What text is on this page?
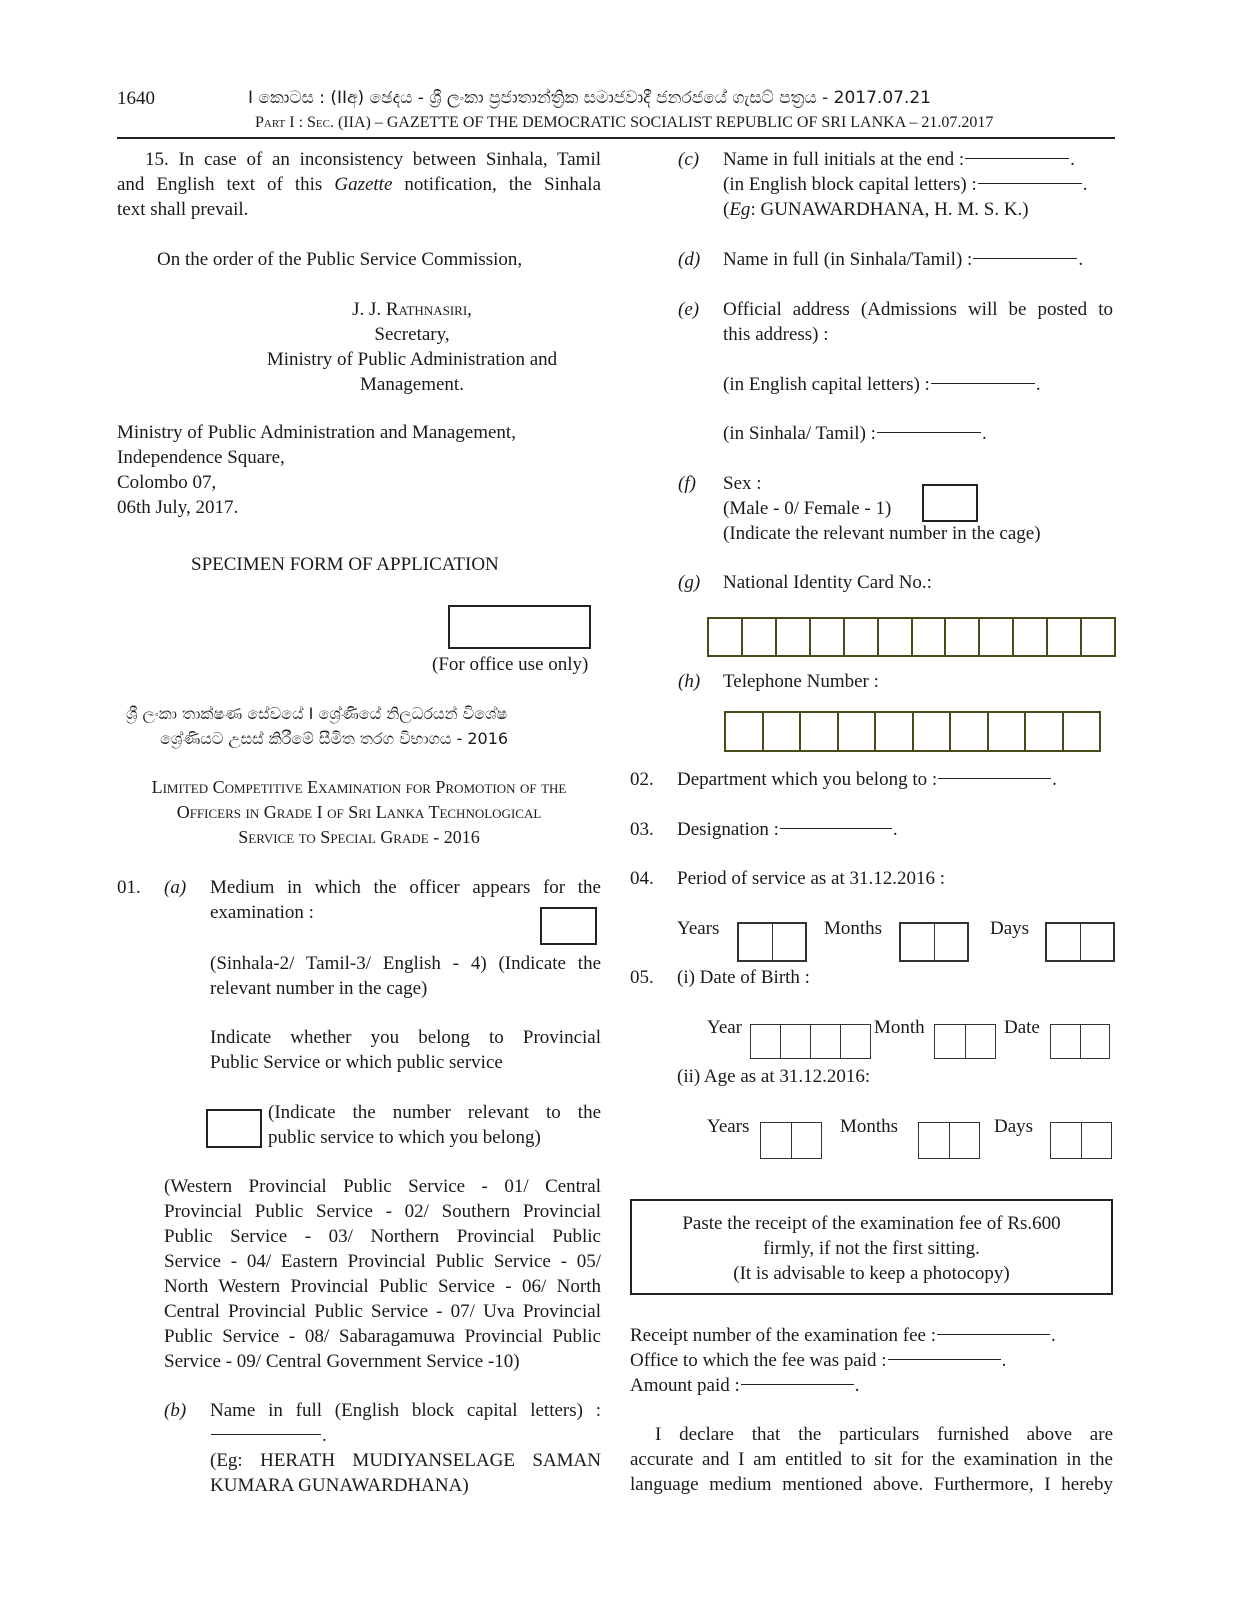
1640	I කොටස : (IIඅ) ඡෙදය - ශ්‍රී ලංකා ප්‍රජාතාන්ත්‍රික සමාජවාදී ජනරජයේ ගැසට් පත්‍රය - 2017.07.21
Part I : Sec. (IIA) – GAZETTE OF THE DEMOCRATIC SOCIALIST REPUBLIC OF SRI LANKA – 21.07.2017
15. In case of an inconsistency between Sinhala, Tamil
and English text of this Gazette notification, the Sinhala
text shall prevail.
On the order of the Public Service Commission,
J. J. Rathnasiri,
Secretary,
Ministry of Public Administration and
Management.
Ministry of Public Administration and Management,
Independence Square,
Colombo 07,
06th July, 2017.
SPECIMEN FORM OF APPLICATION
(For office use only)
ශ්‍රී ලංකා තාක්ෂණ සේවයේ I ශ්‍රේණියේ නිලධරයන් විශේෂ
ශ්‍රේණියට උසස් කිරීමේ සීමිත තරග විභාගය - 2016
Limited Competitive Examination for Promotion of the
Officers in Grade I of Sri Lanka Technological
Service to Special Grade - 2016
01. (a) Medium in which the officer appears for the
examination :
(Sinhala-2/ Tamil-3/ English - 4) (Indicate the
relevant number in the cage)
Indicate whether you belong to Provincial
Public Service or which public service
(Indicate the number relevant to the
public service to which you belong)
(Western Provincial Public Service - 01/ Central
Provincial Public Service - 02/ Southern Provincial
Public Service - 03/ Northern Provincial Public
Service - 04/ Eastern Provincial Public Service - 05/
North Western Provincial Public Service - 06/ North
Central Provincial Public Service - 07/ Uva Provincial
Public Service - 08/ Sabaragamuwa Provincial Public
Service - 09/ Central Government Service -10)
(b) Name in full (English block capital letters) :
.
(Eg: HERATH MUDIYANSELAGE SAMAN
KUMARA GUNAWARDHANA)
(c) Name in full initials at the end :	.
(in English block capital letters) :	.
(Eg: GUNAWARDHANA, H. M. S. K.)
(d) Name in full (in Sinhala/Tamil) :	.
(e) Official address (Admissions will be posted to
this address) :
(in English capital letters) :	.
(in Sinhala/ Tamil) :	.
(f) Sex :
(Male - 0/ Female - 1)
(Indicate the relevant number in the cage)
(g) National Identity Card No.:
(h) Telephone Number :
02. Department which you belong to :	.
03. Designation :	.
04. Period of service as at 31.12.2016 :
Years	Months	Days
05. (i) Date of Birth :
Year	Month	Date
(ii) Age as at 31.12.2016:
Years	Months	Days
Paste the receipt of the examination fee of Rs.600
firmly, if not the first sitting.
(It is advisable to keep a photocopy)
Receipt number of the examination fee :	.
Office to which the fee was paid :	.
Amount paid :	.
I declare that the particulars furnished above are
accurate and I am entitled to sit for the examination in the
language medium mentioned above. Furthermore, I hereby
